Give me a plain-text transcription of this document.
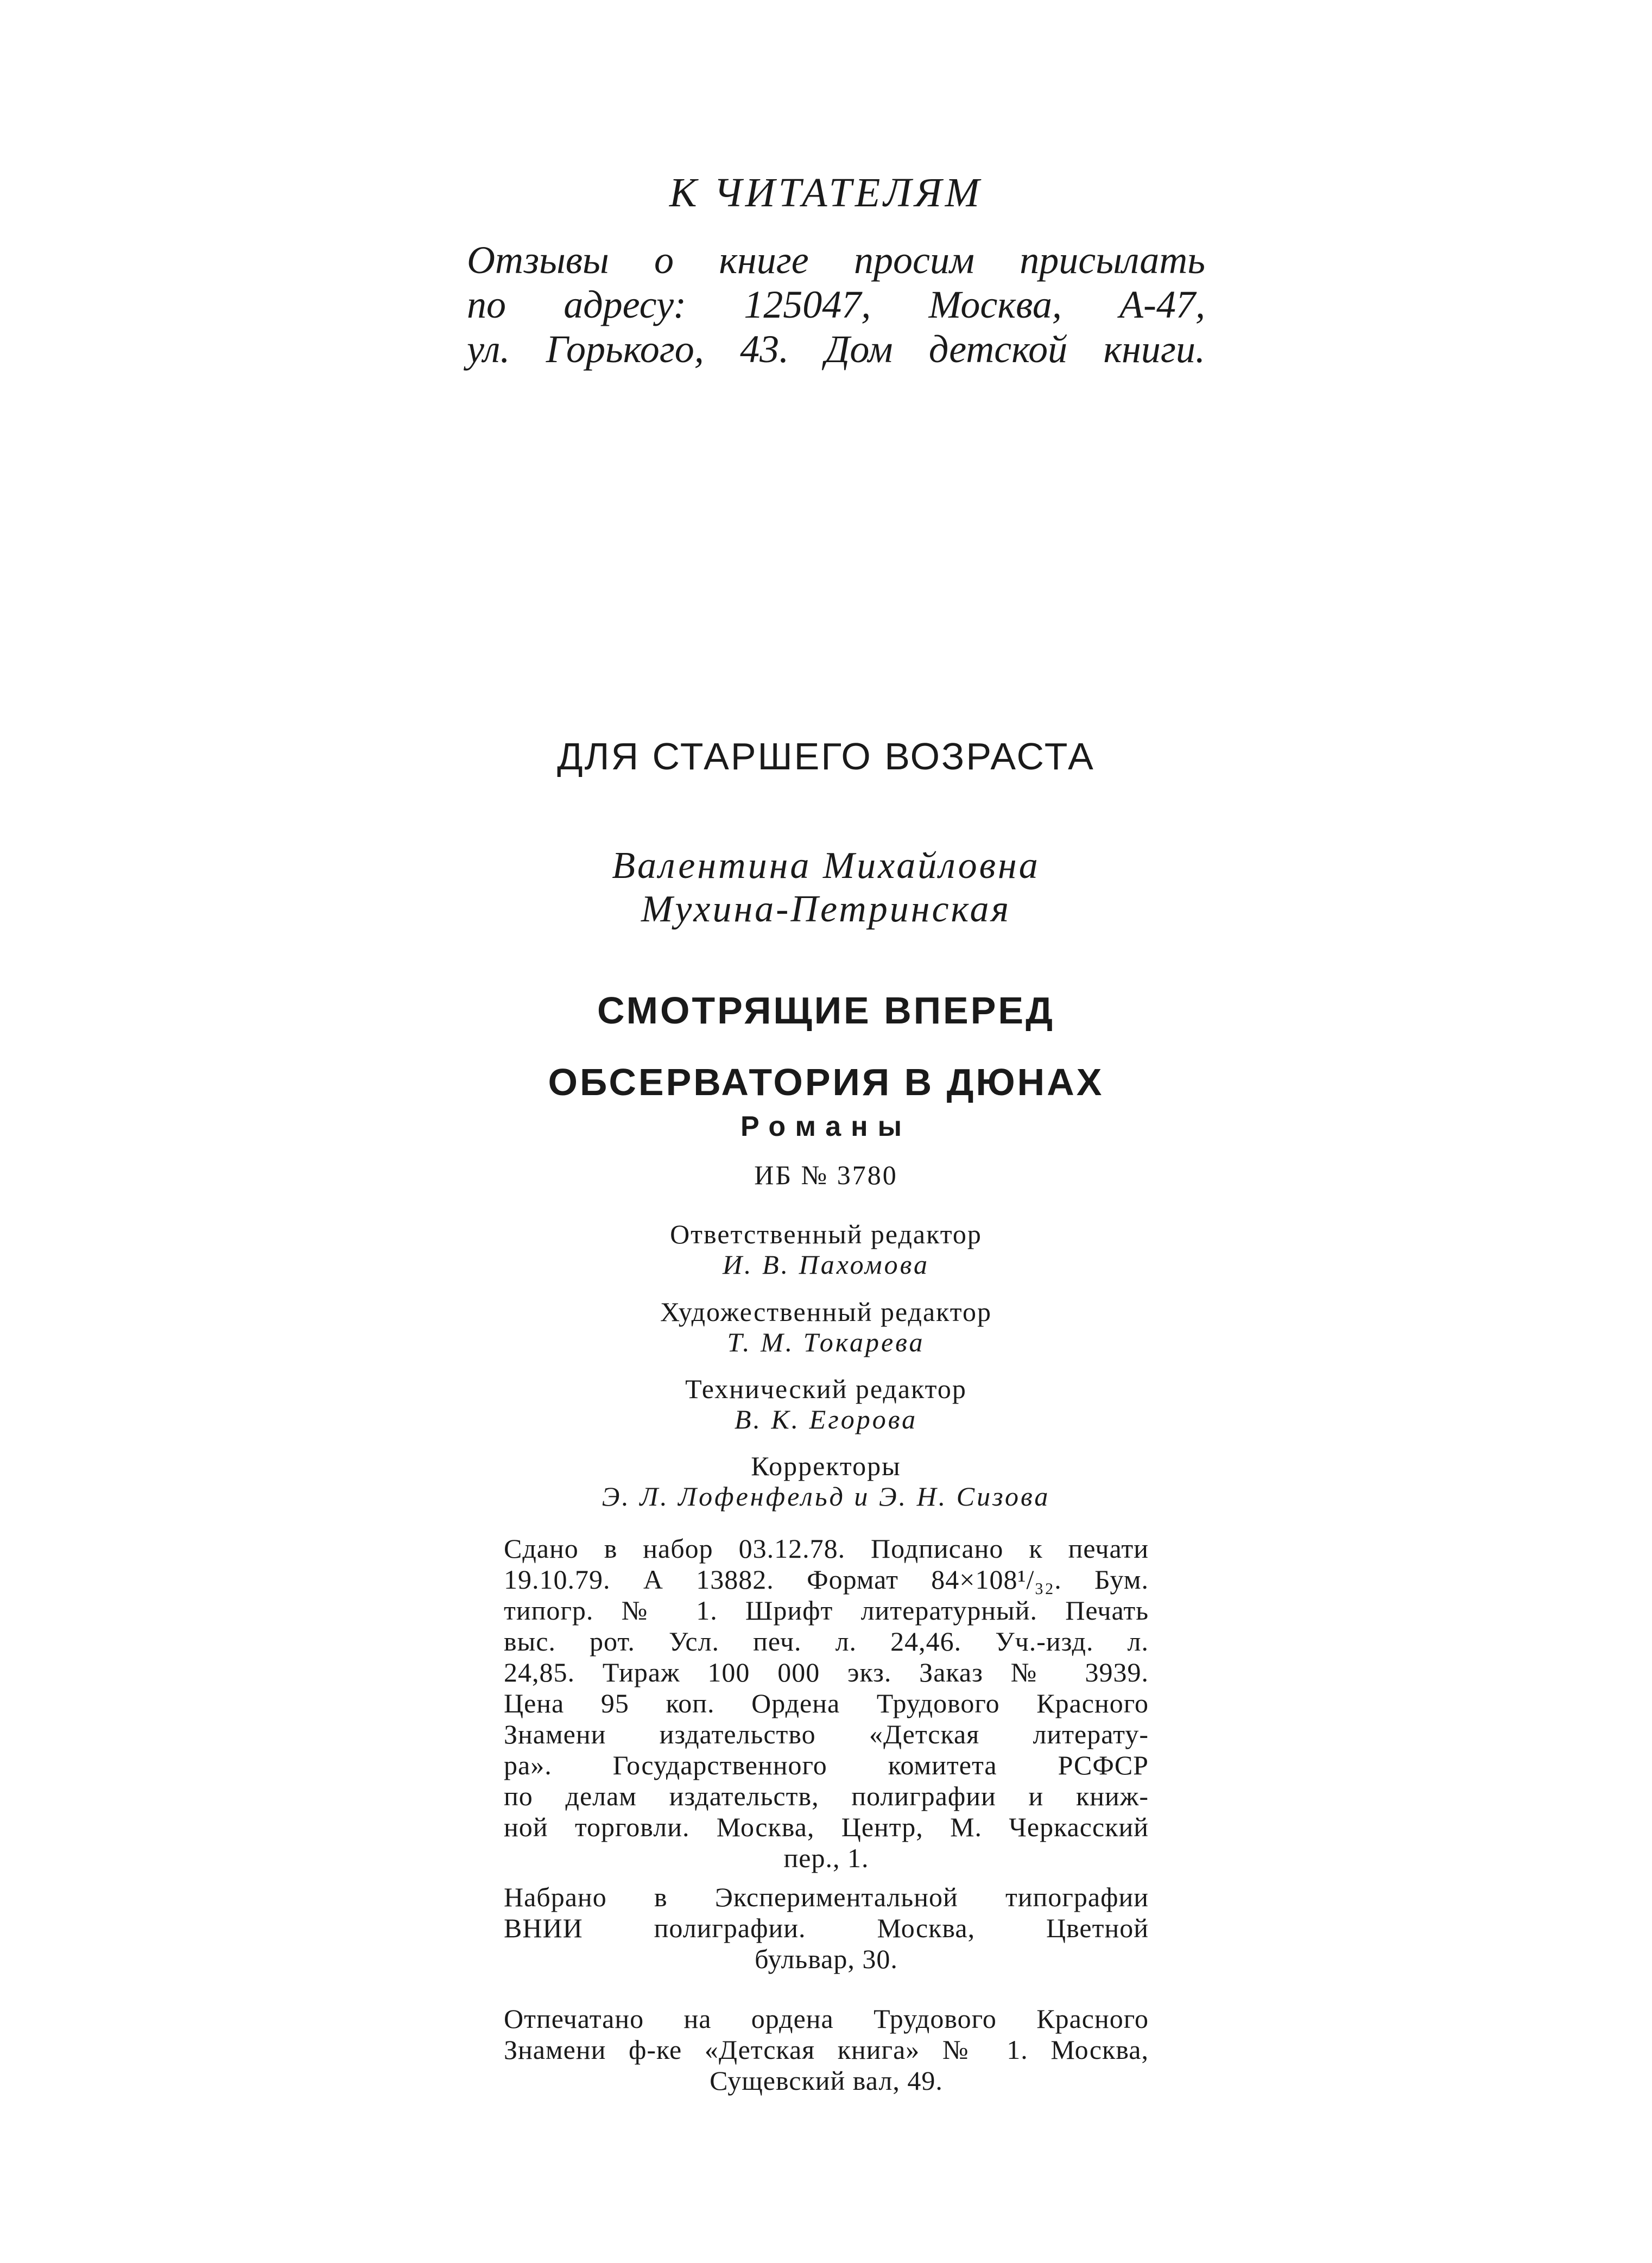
К ЧИТАТЕЛЯМ
Отзывы о книге просим присылать
по адресу: 125047, Москва, А-47,
ул. Горького, 43. Дом детской книги.
ДЛЯ СТАРШЕГО ВОЗРАСТА
Валентина Михайловна
Мухина-Петринская
СМОТРЯЩИЕ ВПЕРЕД
ОБСЕРВАТОРИЯ В ДЮНАХ
Романы
ИБ № 3780
Ответственный редактор
И. В. Пахомова
Художественный редактор
Т. М. Токарева
Технический редактор
В. К. Егорова
Корректоры
Э. Л. Лофенфельд и Э. Н. Сизова
Сдано в набор 03.12.78. Подписано к печати
19.10.79. А 13882. Формат 84×108¹/₃₂. Бум.
типогр. № 1. Шрифт литературный. Печать
выс. рот. Усл. печ. л. 24,46. Уч.-изд. л.
24,85. Тираж 100 000 экз. Заказ № 3939.
Цена 95 коп. Ордена Трудового Красного
Знамени издательство «Детская литерату-
ра». Государственного комитета РСФСР
по делам издательств, полиграфии и книж-
ной торговли. Москва, Центр, М. Черкасский
пер., 1.
Набрано в Экспериментальной типографии
ВНИИ полиграфии. Москва, Цветной
бульвар, 30.
Отпечатано на ордена Трудового Красного
Знамени ф-ке «Детская книга» № 1. Москва,
Сущевский вал, 49.
